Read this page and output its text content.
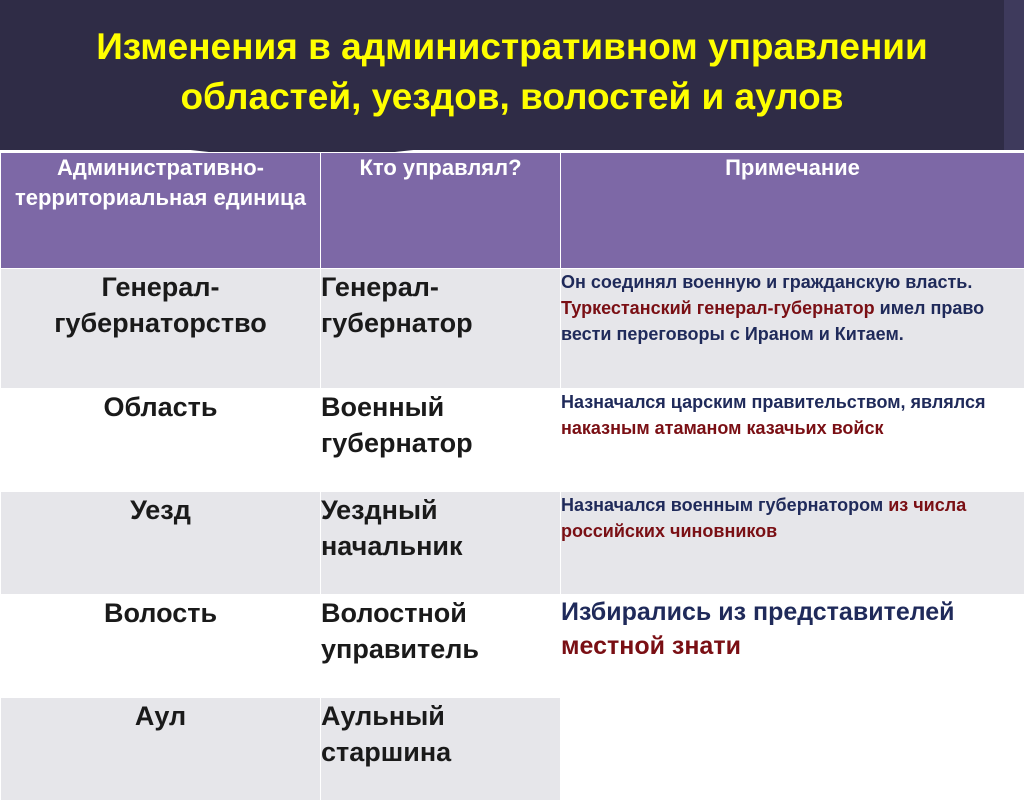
Изменения в административном управлении
областей, уездов, волостей и аулов
Административно-территориальная единица	Кто управлял?	Примечание
Генерал-губернаторство	Генерал-губернатор	Он соединял военную и гражданскую власть. Туркестанский генерал-губернатор имел право вести переговоры с Ираном и Китаем.
Область	Военный губернатор	Назначался царским правительством, являлся наказным атаманом казачьих войск
Уезд	Уездный начальник	Назначался военным губернатором из числа российских чиновников
Волость	Волостной управитель	Избирались из представителей местной знати
Аул	Аульный старшина	
